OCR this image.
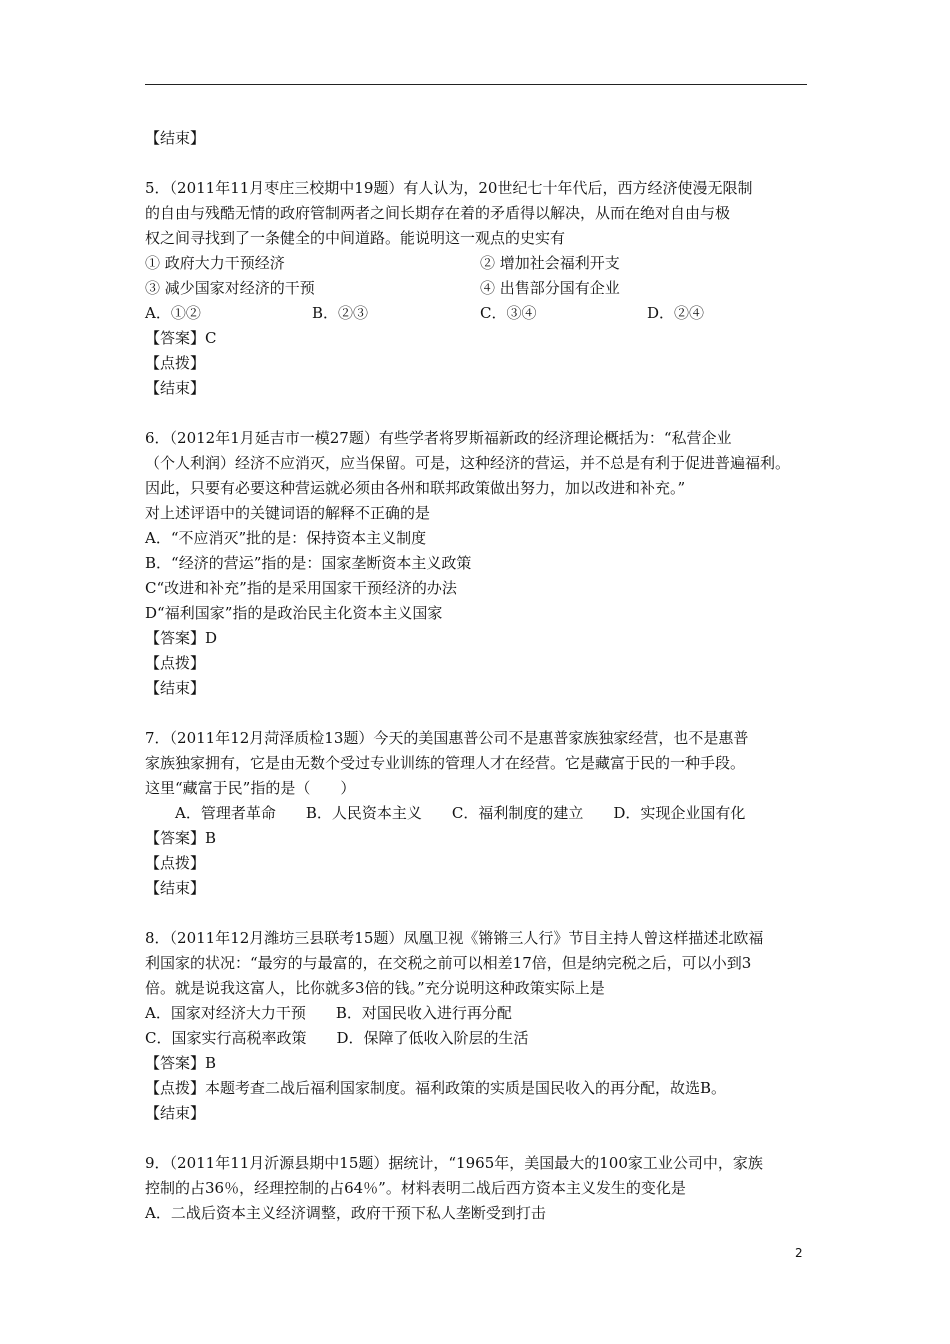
【结束】
5．（2011年11月枣庄三校期中19题）有人认为，20世纪七十年代后，西方经济使漫无限制
的自由与残酷无情的政府管制两者之间长期存在着的矛盾得以解决，从而在绝对自由与极
权之间寻找到了一条健全的中间道路。能说明这一观点的史实有
① 政府大力干预经济	② 增加社会福利开支
③ 减少国家对经济的干预	④ 出售部分国有企业
A．①②	B．②③	C．③④	D．②④
【答案】C
【点拨】
【结束】
6．（2012年1月延吉市一模27题）有些学者将罗斯福新政的经济理论概括为：“私营企业
（个人利润）经济不应消灭，应当保留。可是，这种经济的营运，并不总是有利于促进普遍福利。
因此，只要有必要这种营运就必须由各州和联邦政策做出努力，加以改进和补充。”
对上述评语中的关键词语的解释不正确的是
A．“不应消灭”批的是：保持资本主义制度
B．“经济的营运”指的是：国家垄断资本主义政策
C“改进和补充”指的是采用国家干预经济的办法
D“福利国家”指的是政治民主化资本主义国家
【答案】D
【点拨】
【结束】
7．（2011年12月菏泽质检13题）今天的美国惠普公司不是惠普家族独家经营，也不是惠普
家族独家拥有，它是由无数个受过专业训练的管理人才在经营。它是藏富于民的一种手段。
这里“藏富于民”指的是（　　）
A．管理者革命 B．人民资本主义 C．福利制度的建立 D．实现企业国有化
【答案】B
【点拨】
【结束】
8．（2011年12月潍坊三县联考15题）凤凰卫视《锵锵三人行》节目主持人曾这样描述北欧福
利国家的状况：“最穷的与最富的，在交税之前可以相差17倍，但是纳完税之后，可以小到3
倍。就是说我这富人，比你就多3倍的钱。”充分说明这种政策实际上是
A．国家对经济大力干预　　B．对国民收入进行再分配
C．国家实行高税率政策　　D．保障了低收入阶层的生活
【答案】B
【点拨】本题考查二战后福利国家制度。福利政策的实质是国民收入的再分配，故选B。
【结束】
9．（2011年11月沂源县期中15题）据统计，“1965年，美国最大的100家工业公司中，家族
控制的占36％，经理控制的占64％”。材料表明二战后西方资本主义发生的变化是
A．二战后资本主义经济调整，政府干预下私人垄断受到打击
2
